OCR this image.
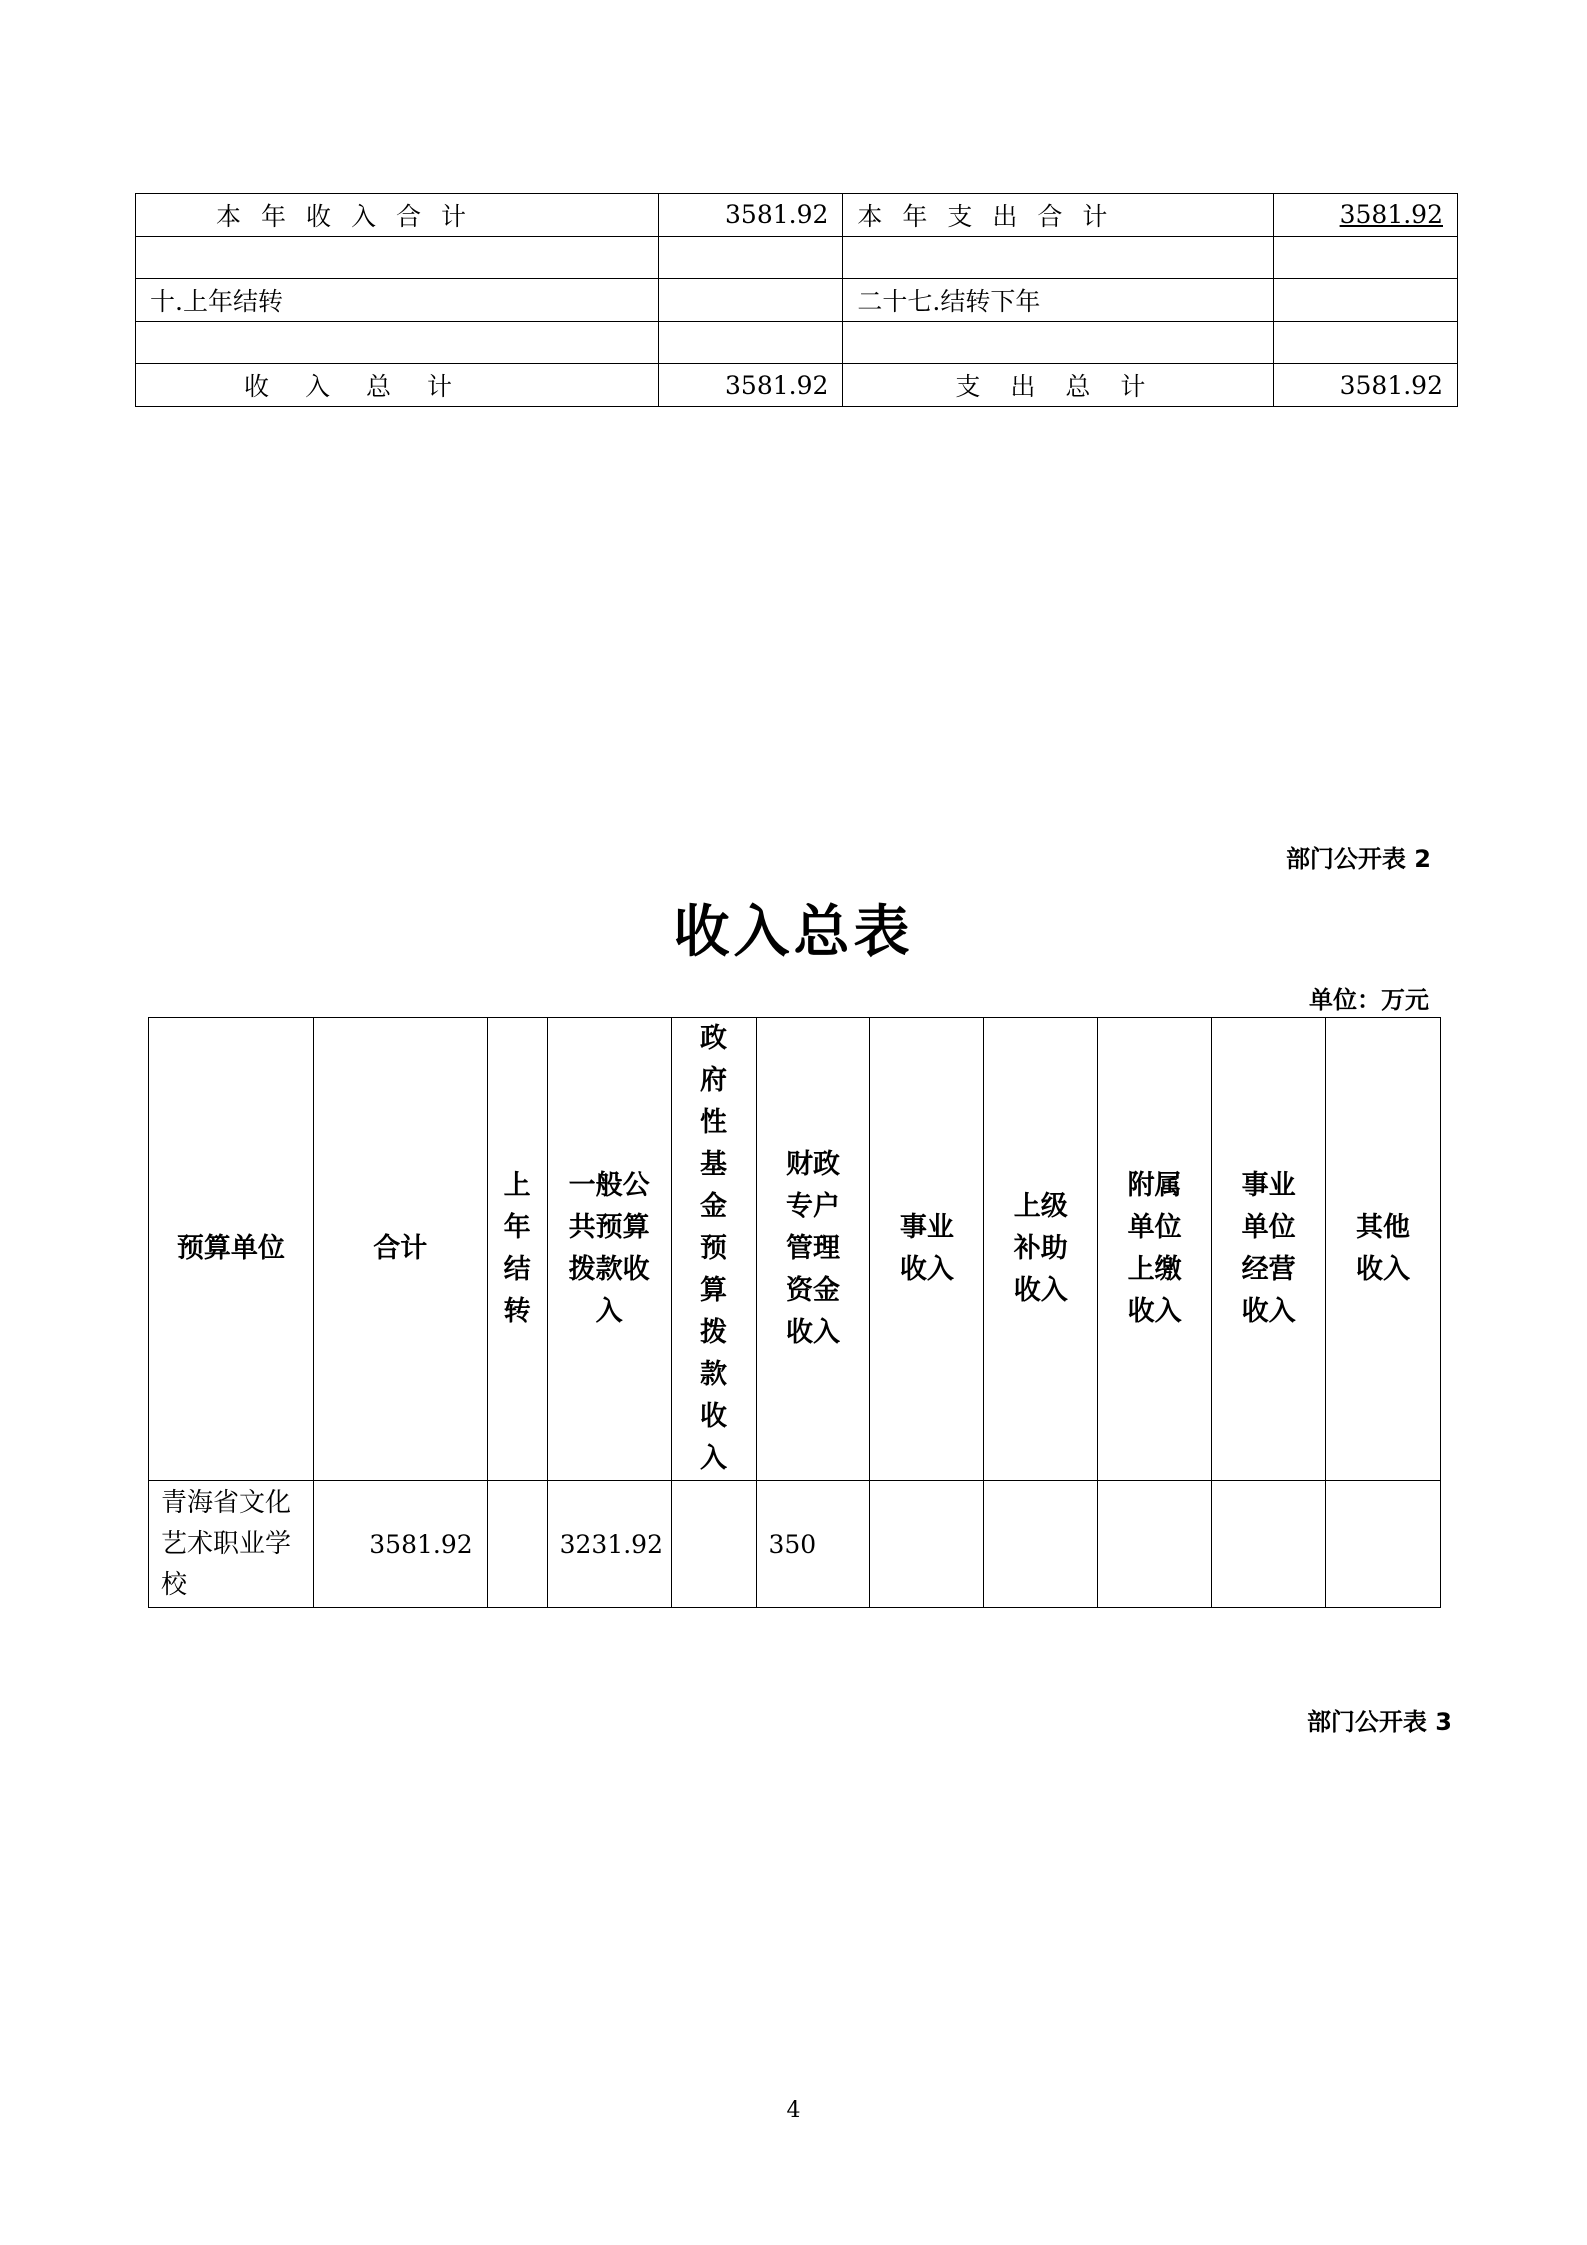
本年收入合计	3581.92	本年支出合计	3581.92

十.上年结转		二十七.结转下年	

收入总计	3581.92	支出总计	3581.92
部门公开表 2
收入总表
单位：万元
预算单位	合计	上年结转	一般公共预算拨款收入	政府性基金预算拨款收入	财政专户管理资金收入	事业收入	上级补助收入	附属单位上缴收入	事业单位经营收入	其他收入
青海省文化艺术职业学校	3581.92		3231.92		350					
部门公开表 3
4
